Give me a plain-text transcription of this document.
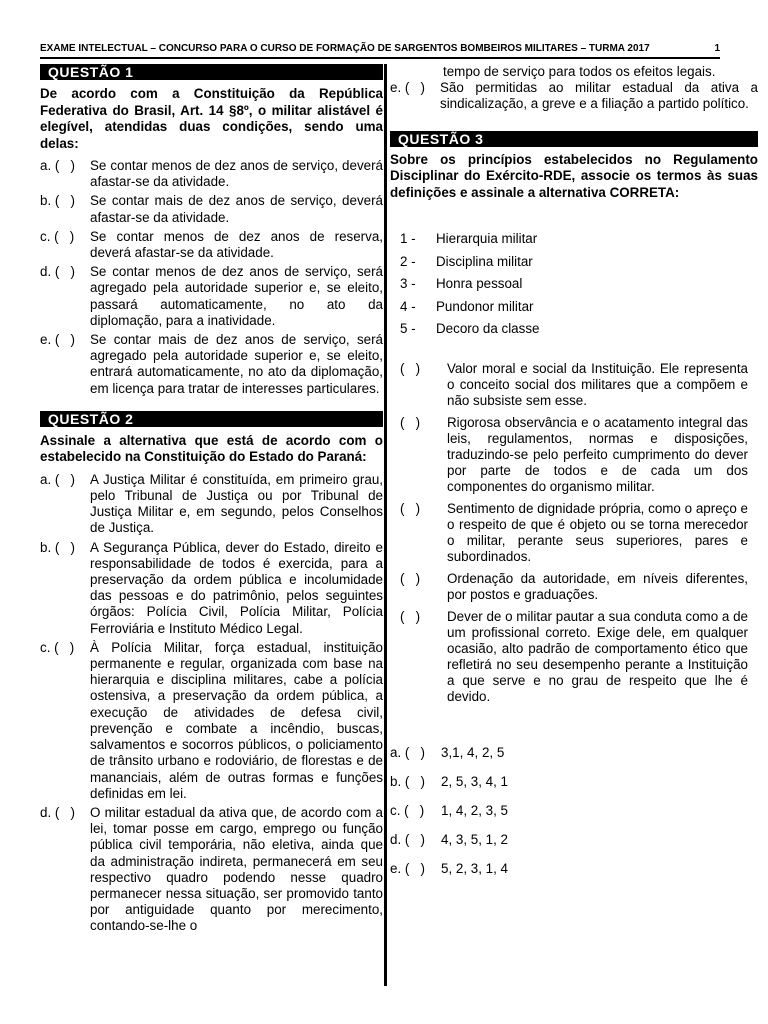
EXAME INTELECTUAL – CONCURSO PARA O CURSO DE FORMAÇÃO DE SARGENTOS BOMBEIROS MILITARES – TURMA 2017	1
QUESTÃO 1
De acordo com a Constituição da República Federativa do Brasil, Art. 14 §8º, o militar alistável é elegível, atendidas duas condições, sendo uma delas:
a. (   )	Se contar menos de dez anos de serviço, deverá afastar-se da atividade.
b. (   )	Se contar mais de dez anos de serviço, deverá afastar-se da atividade.
c. (   )	Se contar menos de dez anos de reserva, deverá afastar-se da atividade.
d. (   )	Se contar menos de dez anos de serviço, será agregado pela autoridade superior e, se eleito, passará automaticamente, no ato da diplomação, para a inatividade.
e. (   )	Se contar mais de dez anos de serviço, será agregado pela autoridade superior e, se eleito, entrará automaticamente, no ato da diplomação, em licença para tratar de interesses particulares.
QUESTÃO 2
Assinale a alternativa que está de acordo com o estabelecido na Constituição do Estado do Paraná:
a. (   )	A Justiça Militar é constituída, em primeiro grau, pelo Tribunal de Justiça ou por Tribunal de Justiça Militar e, em segundo, pelos Conselhos de Justiça.
b. (   )	A Segurança Pública, dever do Estado, direito e responsabilidade de todos é exercida, para a preservação da ordem pública e incolumidade das pessoas e do patrimônio, pelos seguintes órgãos: Polícia Civil, Polícia Militar, Polícia Ferroviária e Instituto Médico Legal.
c. (   )	À Polícia Militar, força estadual, instituição permanente e regular, organizada com base na hierarquia e disciplina militares, cabe a polícia ostensiva, a preservação da ordem pública, a execução de atividades de defesa civil, prevenção e combate a incêndio, buscas, salvamentos e socorros públicos, o policiamento de trânsito urbano e rodoviário, de florestas e de mananciais, além de outras formas e funções definidas em lei.
d. (   )	O militar estadual da ativa que, de acordo com a lei, tomar posse em cargo, emprego ou função pública civil temporária, não eletiva, ainda que da administração indireta, permanecerá em seu respectivo quadro podendo nesse quadro permanecer nessa situação, ser promovido tanto por antiguidade quanto por merecimento, contando-se-lhe o
tempo de serviço para todos os efeitos legais.
e. (   )	São permitidas ao militar estadual da ativa a sindicalização, a greve e a filiação a partido político.
QUESTÃO 3
Sobre os princípios estabelecidos no Regulamento Disciplinar do Exército-RDE, associe os termos às suas definições e assinale a alternativa CORRETA:
1 -	Hierarquia militar
2 -	Disciplina militar
3 -	Honra pessoal
4 -	Pundonor militar
5 -	Decoro da classe
(   )	Valor moral e social da Instituição. Ele representa o conceito social dos militares que a compõem e não subsiste sem esse.
(   )	Rigorosa observância e o acatamento integral das leis, regulamentos, normas e disposições, traduzindo-se pelo perfeito cumprimento do dever por parte de todos e de cada um dos componentes do organismo militar.
(   )	Sentimento de dignidade própria, como o apreço e o respeito de que é objeto ou se torna merecedor o militar, perante seus superiores, pares e subordinados.
(   )	Ordenação da autoridade, em níveis diferentes, por postos e graduações.
(   )	Dever de o militar pautar a sua conduta como a de um profissional correto. Exige dele, em qualquer ocasião, alto padrão de comportamento ético que refletirá no seu desempenho perante a Instituição a que serve e no grau de respeito que lhe é devido.
a. (   )	3,1, 4, 2, 5
b. (   )	2, 5, 3, 4, 1
c. (   )	1, 4, 2, 3, 5
d. (   )	4, 3, 5, 1, 2
e. (   )	5, 2, 3, 1, 4
